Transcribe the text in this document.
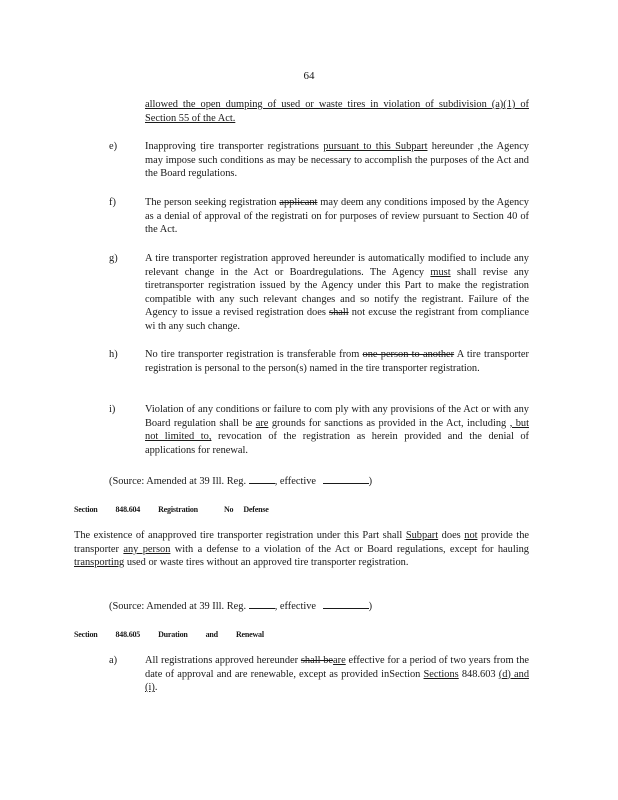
64
allowed the open dumping of used or waste tires in violation of subdivision (a)(1) of Section 55 of the Act.
e)	Inapproving tire transporter registrations pursuant to this Subpart hereunder ,the Agency may impose such conditions as may be necessary to accomplish the purposes of the Act and the Board regulations.
f)	The person seeking registration applicant may deem any conditions imposed by the Agency as a denial of approval of the registrati on for purposes of review pursuant to Section 40 of the Act.
g)	A tire transporter registration approved hereunder is automatically modified to include any relevant change in the Act or Boardregulations. The Agency must shall revise any tiretransporter registration issued by the Agency under this Part to make the registration compatible with any such relevant changes and so notify the registrant. Failure of the Agency to issue a revised registration does shall not excuse the registrant from compliance wi th any such change.
h)	No tire transporter registration is transferable from one person to another A tire transporter registration is personal to the person(s) named in the tire transporter registration.
i)	Violation of any conditions or failure to com ply with any provisions of the Act or with any Board regulation shall be are grounds for sanctions as provided in the Act, including , but not limited to, revocation of the registration as herein provided and the denial of applications for renewal.
(Source: Amended at 39 Ill. Reg.	, effective	)
Section 848.604 Registration	No Defense
The existence of anapproved tire transporter registration under this Part shall Subpart does not provide the transporter any person with a defense to a violation of the Act or Board regulations, except for hauling transporting used or waste tires without an approved tire transporter registration.
(Source: Amended at 39 Ill. Reg.	, effective	)
Section 848.605 Duration and Renewal
a)	All registrations approved hereunder shall beare effective for a period of two years from the date of approval and are renewable, except as provided inSection Sections 848.603 (d) and (i).
